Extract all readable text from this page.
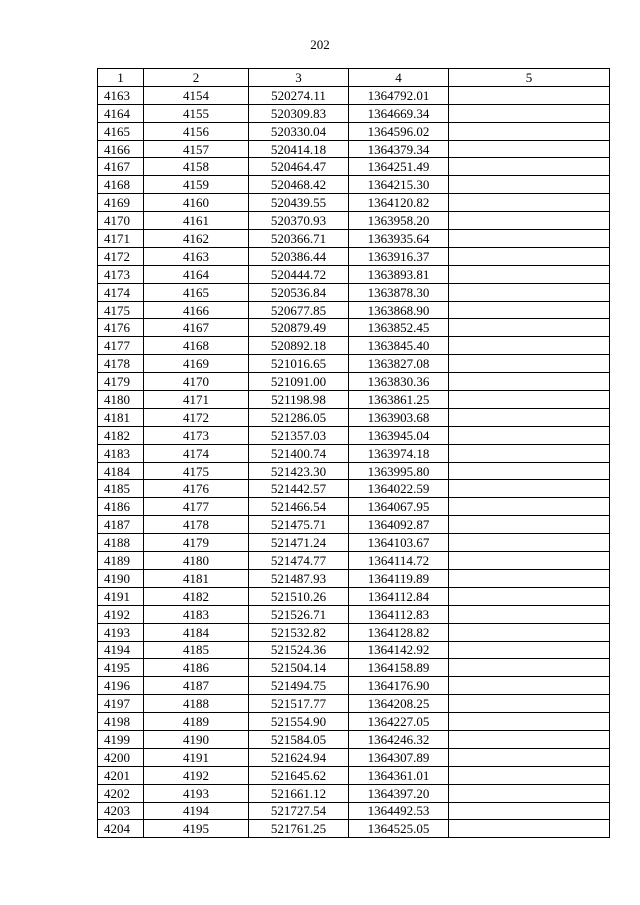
202
1	2	3	4	5
4163	4154	520274.11	1364792.01	
4164	4155	520309.83	1364669.34	
4165	4156	520330.04	1364596.02	
4166	4157	520414.18	1364379.34	
4167	4158	520464.47	1364251.49	
4168	4159	520468.42	1364215.30	
4169	4160	520439.55	1364120.82	
4170	4161	520370.93	1363958.20	
4171	4162	520366.71	1363935.64	
4172	4163	520386.44	1363916.37	
4173	4164	520444.72	1363893.81	
4174	4165	520536.84	1363878.30	
4175	4166	520677.85	1363868.90	
4176	4167	520879.49	1363852.45	
4177	4168	520892.18	1363845.40	
4178	4169	521016.65	1363827.08	
4179	4170	521091.00	1363830.36	
4180	4171	521198.98	1363861.25	
4181	4172	521286.05	1363903.68	
4182	4173	521357.03	1363945.04	
4183	4174	521400.74	1363974.18	
4184	4175	521423.30	1363995.80	
4185	4176	521442.57	1364022.59	
4186	4177	521466.54	1364067.95	
4187	4178	521475.71	1364092.87	
4188	4179	521471.24	1364103.67	
4189	4180	521474.77	1364114.72	
4190	4181	521487.93	1364119.89	
4191	4182	521510.26	1364112.84	
4192	4183	521526.71	1364112.83	
4193	4184	521532.82	1364128.82	
4194	4185	521524.36	1364142.92	
4195	4186	521504.14	1364158.89	
4196	4187	521494.75	1364176.90	
4197	4188	521517.77	1364208.25	
4198	4189	521554.90	1364227.05	
4199	4190	521584.05	1364246.32	
4200	4191	521624.94	1364307.89	
4201	4192	521645.62	1364361.01	
4202	4193	521661.12	1364397.20	
4203	4194	521727.54	1364492.53	
4204	4195	521761.25	1364525.05	
